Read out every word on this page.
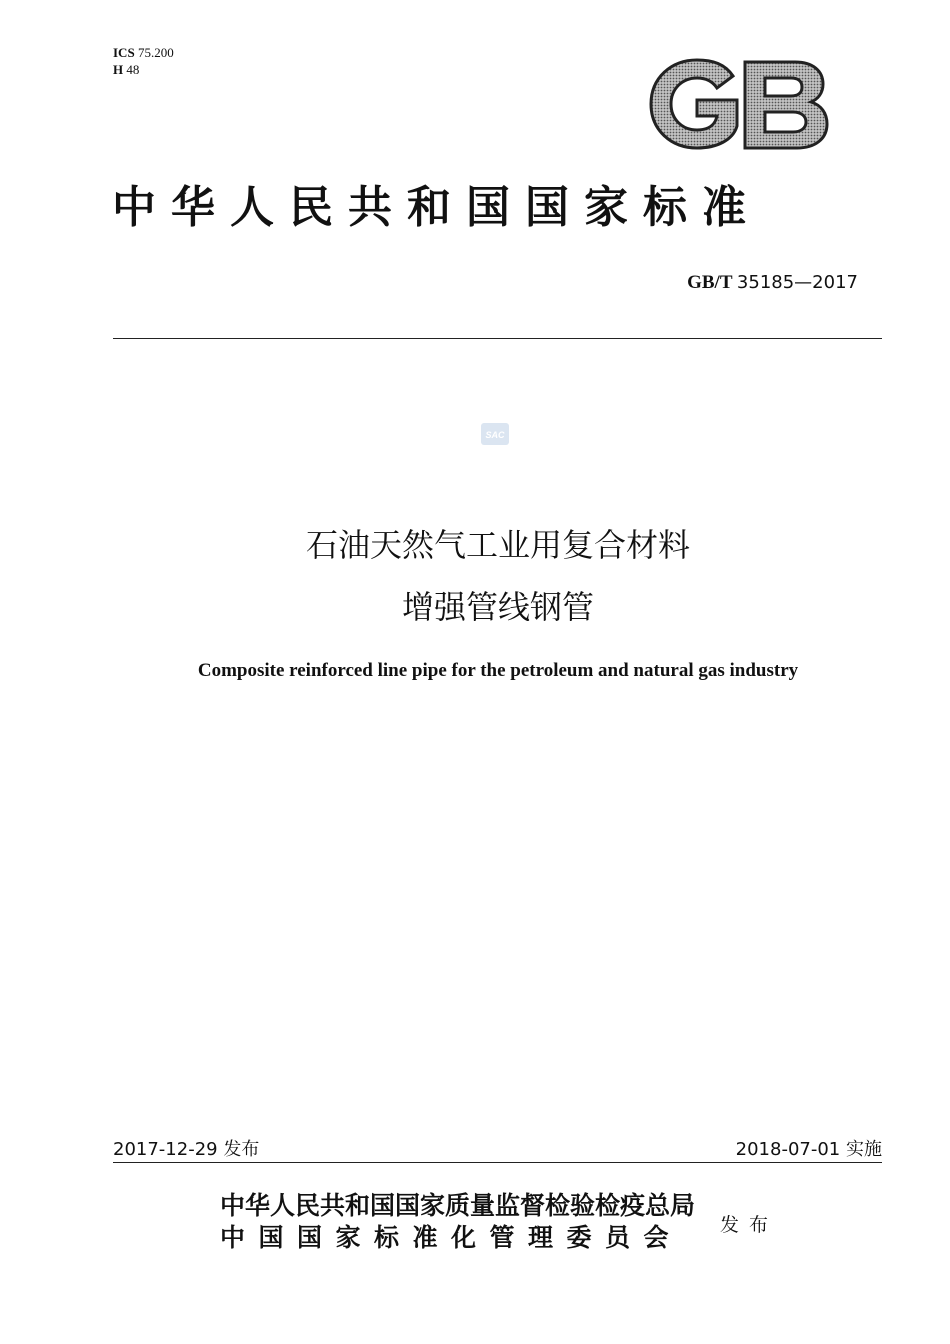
ICS 75.200
H 48
中华人民共和国国家标准
GB/T 35185—2017
SAC
石油天然气工业用复合材料
增强管线钢管
Composite reinforced line pipe for the petroleum and natural gas industry
2017-12-29 发布	2018-07-01 实施
中华人民共和国国家质量监督检验检疫总局
中国国家标准化管理委员会	发布
